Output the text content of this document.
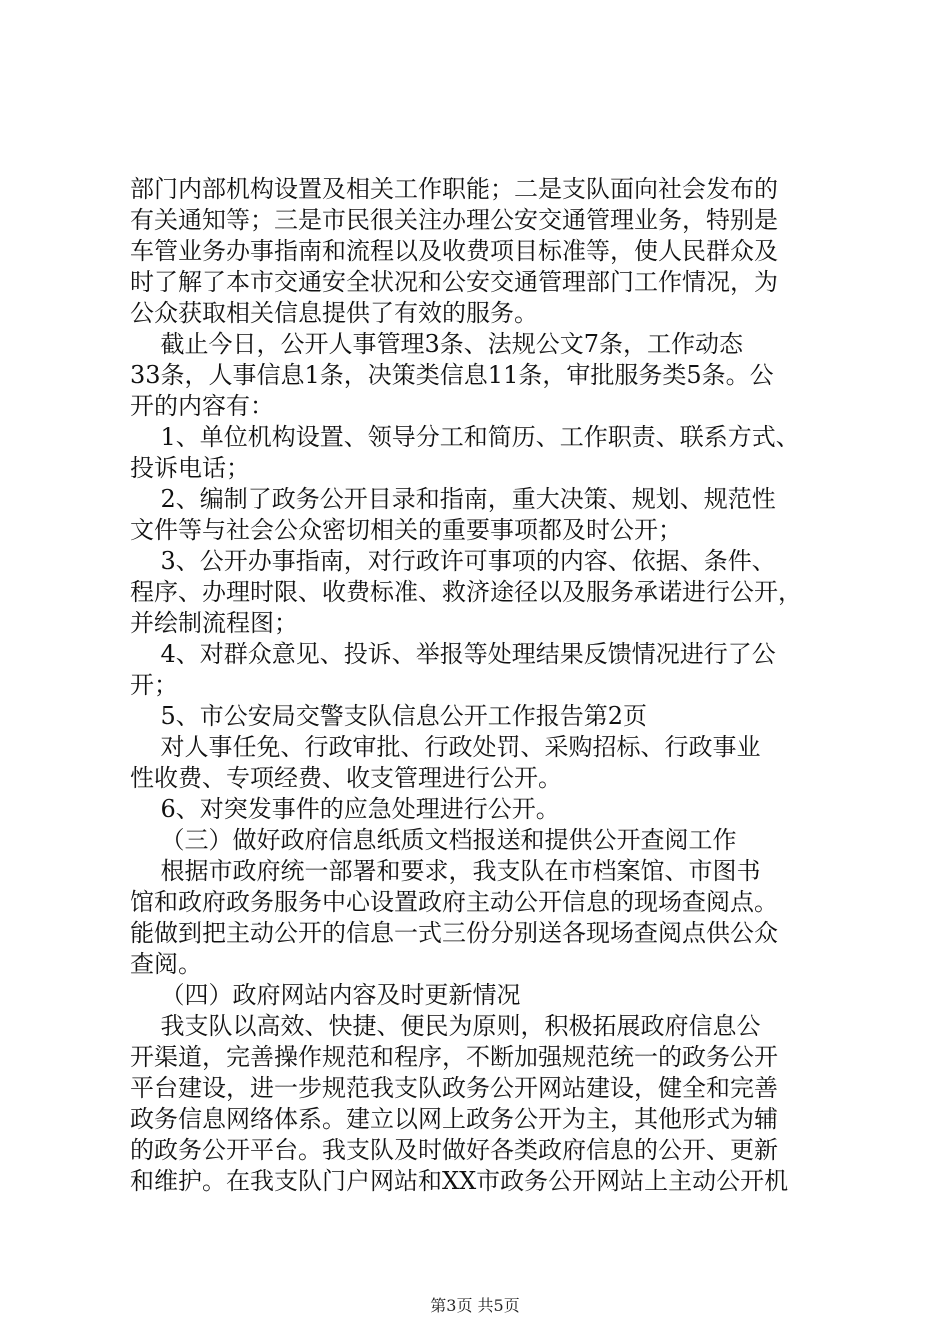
部门内部机构设置及相关工作职能；二是支队面向社会发布的
有关通知等；三是市民很关注办理公安交通管理业务，特别是
车管业务办事指南和流程以及收费项目标准等，使人民群众及
时了解了本市交通安全状况和公安交通管理部门工作情况，为
公众获取相关信息提供了有效的服务。
截止今日，公开人事管理3条、法规公文7条，工作动态
33条，人事信息1条，决策类信息11条，审批服务类5条。公
开的内容有：
1、单位机构设置、领导分工和简历、工作职责、联系方式、
投诉电话；
2、编制了政务公开目录和指南，重大决策、规划、规范性
文件等与社会公众密切相关的重要事项都及时公开；
3、公开办事指南，对行政许可事项的内容、依据、条件、
程序、办理时限、收费标准、救济途径以及服务承诺进行公开，
并绘制流程图；
4、对群众意见、投诉、举报等处理结果反馈情况进行了公
开；
5、市公安局交警支队信息公开工作报告第2页
对人事任免、行政审批、行政处罚、采购招标、行政事业
性收费、专项经费、收支管理进行公开。
6、对突发事件的应急处理进行公开。
（三）做好政府信息纸质文档报送和提供公开查阅工作
根据市政府统一部署和要求，我支队在市档案馆、市图书
馆和政府政务服务中心设置政府主动公开信息的现场查阅点。
能做到把主动公开的信息一式三份分别送各现场查阅点供公众
查阅。
（四）政府网站内容及时更新情况
我支队以高效、快捷、便民为原则，积极拓展政府信息公
开渠道，完善操作规范和程序，不断加强规范统一的政务公开
平台建设，进一步规范我支队政务公开网站建设，健全和完善
政务信息网络体系。建立以网上政务公开为主，其他形式为辅
的政务公开平台。我支队及时做好各类政府信息的公开、更新
和维护。在我支队门户网站和XX市政务公开网站上主动公开机
第3页 共5页
